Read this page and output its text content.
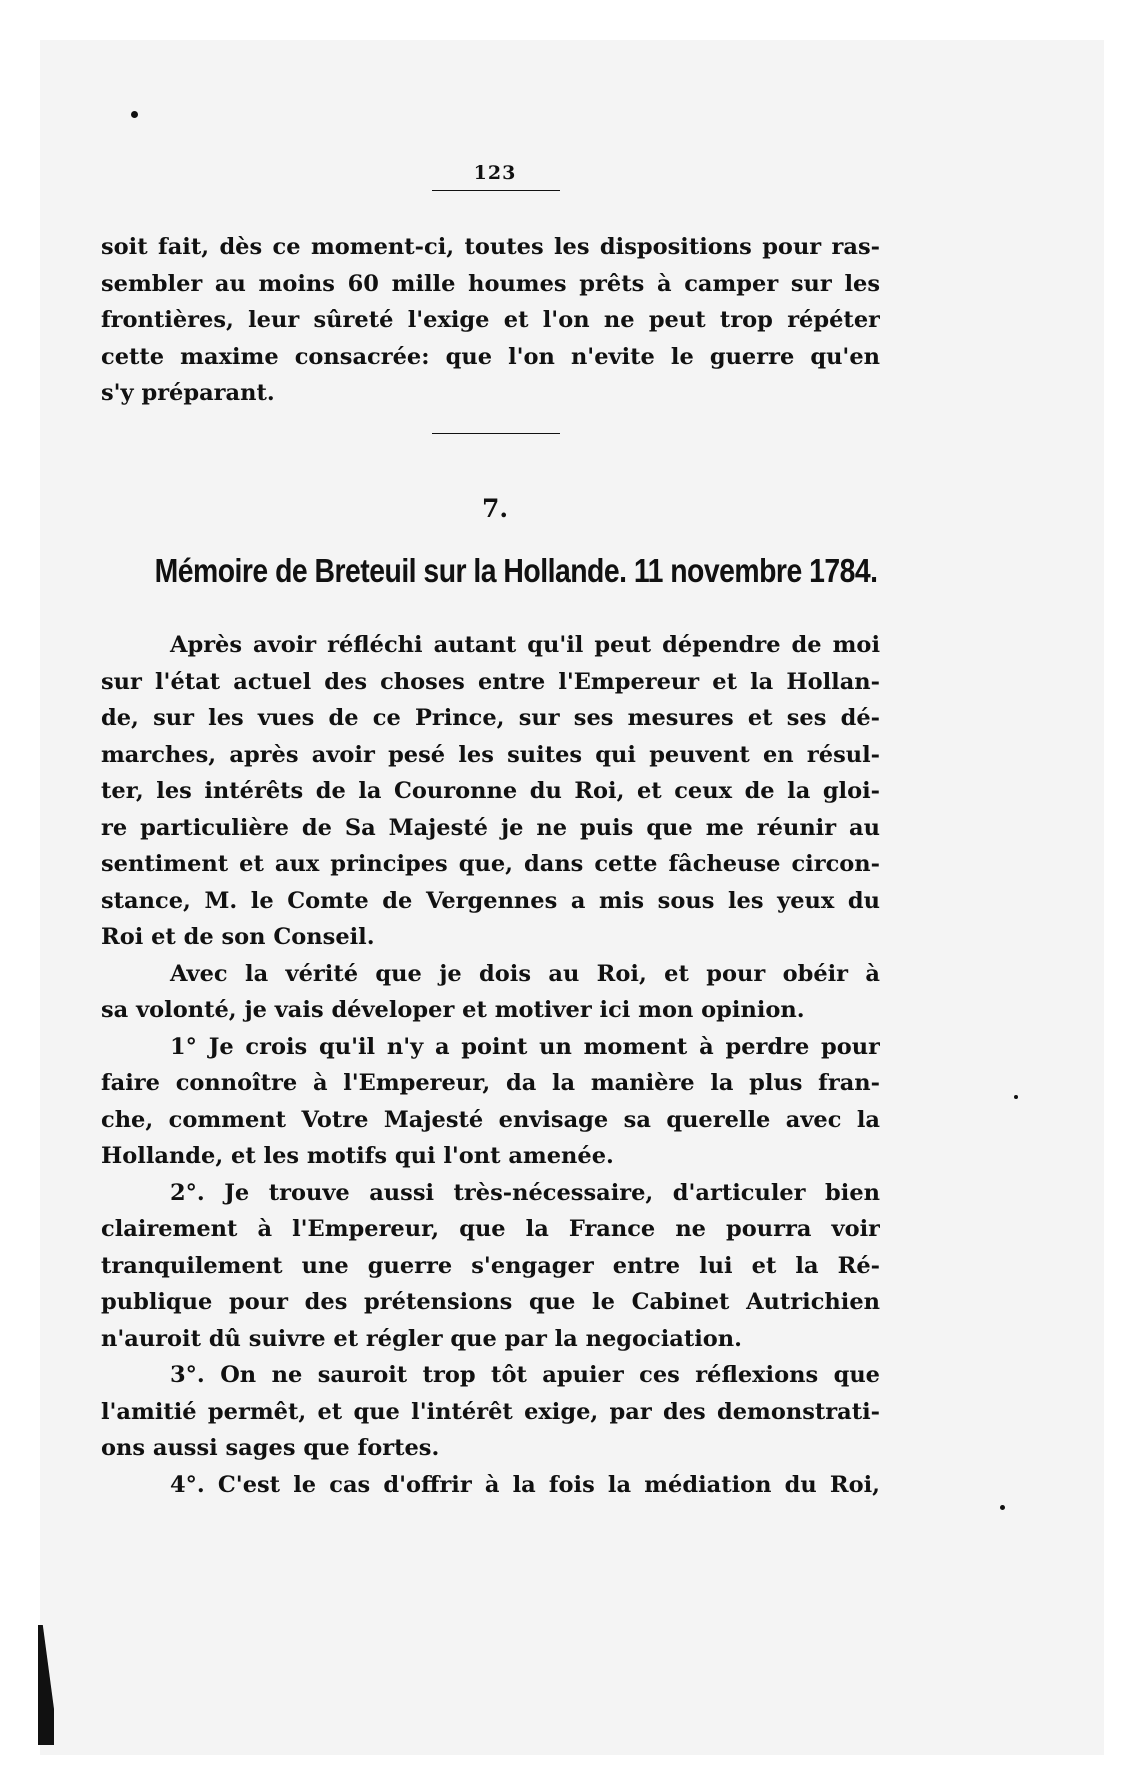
123
soit fait, dès ce moment-ci, toutes les dispositions pour ras-
sembler au moins 60 mille houmes prêts à camper sur les
frontières, leur sûreté l'exige et l'on ne peut trop répéter
cette maxime consacrée: que l'on n'evite le guerre qu'en
s'y préparant.
7.
Mémoire de Breteuil sur la Hollande. 11 novembre 1784.
Après avoir réfléchi autant qu'il peut dépendre de moi
sur l'état actuel des choses entre l'Empereur et la Hollan-
de, sur les vues de ce Prince, sur ses mesures et ses dé-
marches, après avoir pesé les suites qui peuvent en résul-
ter, les intérêts de la Couronne du Roi, et ceux de la gloi-
re particulière de Sa Majesté je ne puis que me réunir au
sentiment et aux principes que, dans cette fâcheuse circon-
stance, M. le Comte de Vergennes a mis sous les yeux du
Roi et de son Conseil.
Avec la vérité que je dois au Roi, et pour obéir à
sa volonté, je vais déveloper et motiver ici mon opinion.
1° Je crois qu'il n'y a point un moment à perdre pour
faire connoître à l'Empereur, da la manière la plus fran-
che, comment Votre Majesté envisage sa querelle avec la
Hollande, et les motifs qui l'ont amenée.
2°. Je trouve aussi très-nécessaire, d'articuler bien
clairement à l'Empereur, que la France ne pourra voir
tranquilement une guerre s'engager entre lui et la Ré-
publique pour des prétensions que le Cabinet Autrichien
n'auroit dû suivre et régler que par la negociation.
3°. On ne sauroit trop tôt apuier ces réflexions que
l'amitié permêt, et que l'intérêt exige, par des demonstrati-
ons aussi sages que fortes.
4°. C'est le cas d'offrir à la fois la médiation du Roi,
